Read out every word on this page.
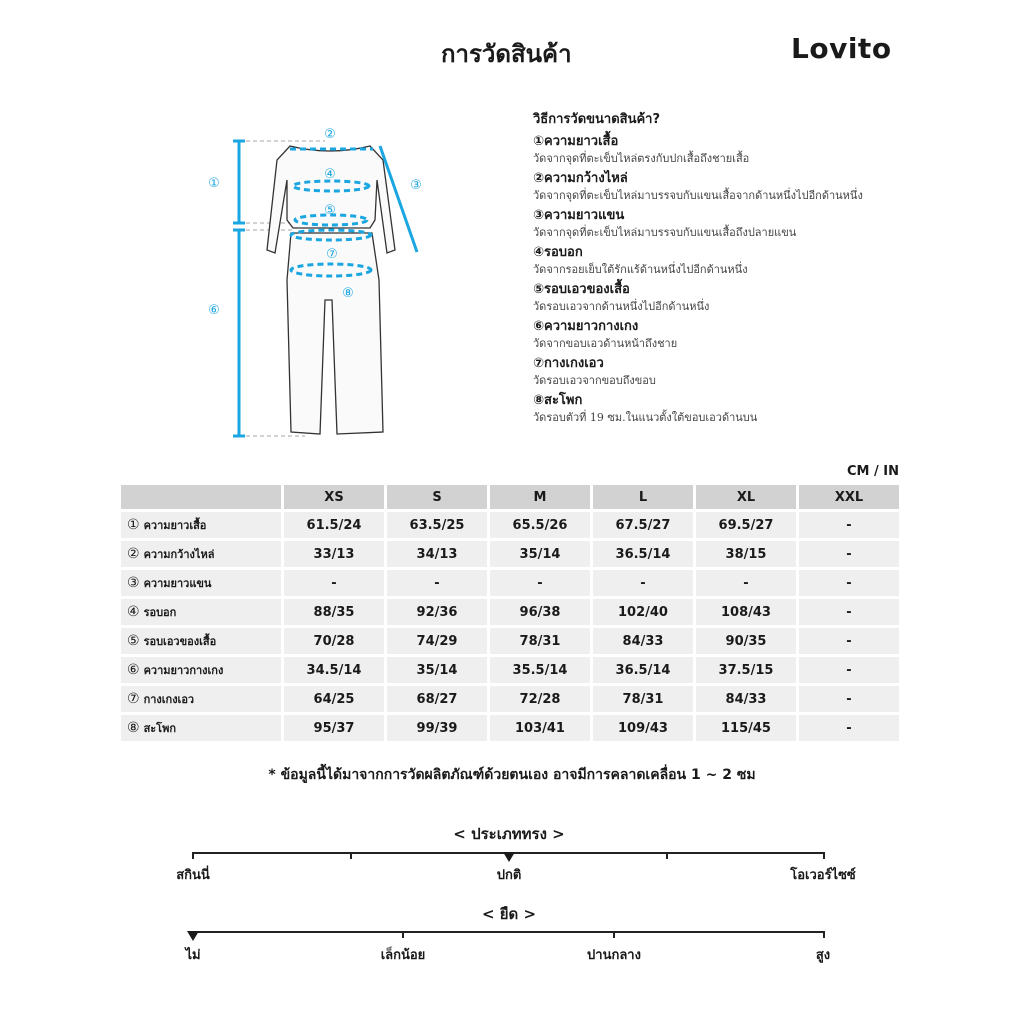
การวัดสินค้า	Lovito
①
②
③
④
⑤
⑥
⑦
⑧
วิธีการวัดขนาดสินค้า?
①ความยาวเสื้อ
วัดจากจุดที่ตะเข็บไหล่ตรงกับปกเสื้อถึงชายเสื้อ
②ความกว้างไหล่
วัดจากจุดที่ตะเข็บไหล่มาบรรจบกับแขนเสื้อจากด้านหนึ่งไปอีกด้านหนึ่ง
③ความยาวแขน
วัดจากจุดที่ตะเข็บไหล่มาบรรจบกับแขนเสื้อถึงปลายแขน
④รอบอก
วัดจากรอยเย็บใต้รักแร้ด้านหนึ่งไปอีกด้านหนึ่ง
⑤รอบเอวของเสื้อ
วัดรอบเอวจากด้านหนึ่งไปอีกด้านหนึ่ง
⑥ความยาวกางเกง
วัดจากขอบเอวด้านหน้าถึงชาย
⑦กางเกงเอว
วัดรอบเอวจากขอบถึงขอบ
⑧สะโพก
วัดรอบตัวที่ 19 ซม.ในแนวตั้งใต้ขอบเอวด้านบน
CM / IN
	XS	S	M	L	XL	XXL
① ความยาวเสื้อ	61.5/24	63.5/25	65.5/26	67.5/27	69.5/27	-
② ความกว้างไหล่	33/13	34/13	35/14	36.5/14	38/15	-
③ ความยาวแขน	-	-	-	-	-	-
④ รอบอก	88/35	92/36	96/38	102/40	108/43	-
⑤ รอบเอวของเสื้อ	70/28	74/29	78/31	84/33	90/35	-
⑥ ความยาวกางเกง	34.5/14	35/14	35.5/14	36.5/14	37.5/15	-
⑦ กางเกงเอว	64/25	68/27	72/28	78/31	84/33	-
⑧ สะโพก	95/37	99/39	103/41	109/43	115/45	-
* ข้อมูลนี้ได้มาจากการวัดผลิตภัณฑ์ด้วยตนเอง อาจมีการคลาดเคลื่อน 1 ~ 2 ซม
< ประเภททรง >
สกินนี่	ปกติ	โอเวอร์ไซซ์
< ยืด >
ไม่	เล็กน้อย	ปานกลาง	สูง
